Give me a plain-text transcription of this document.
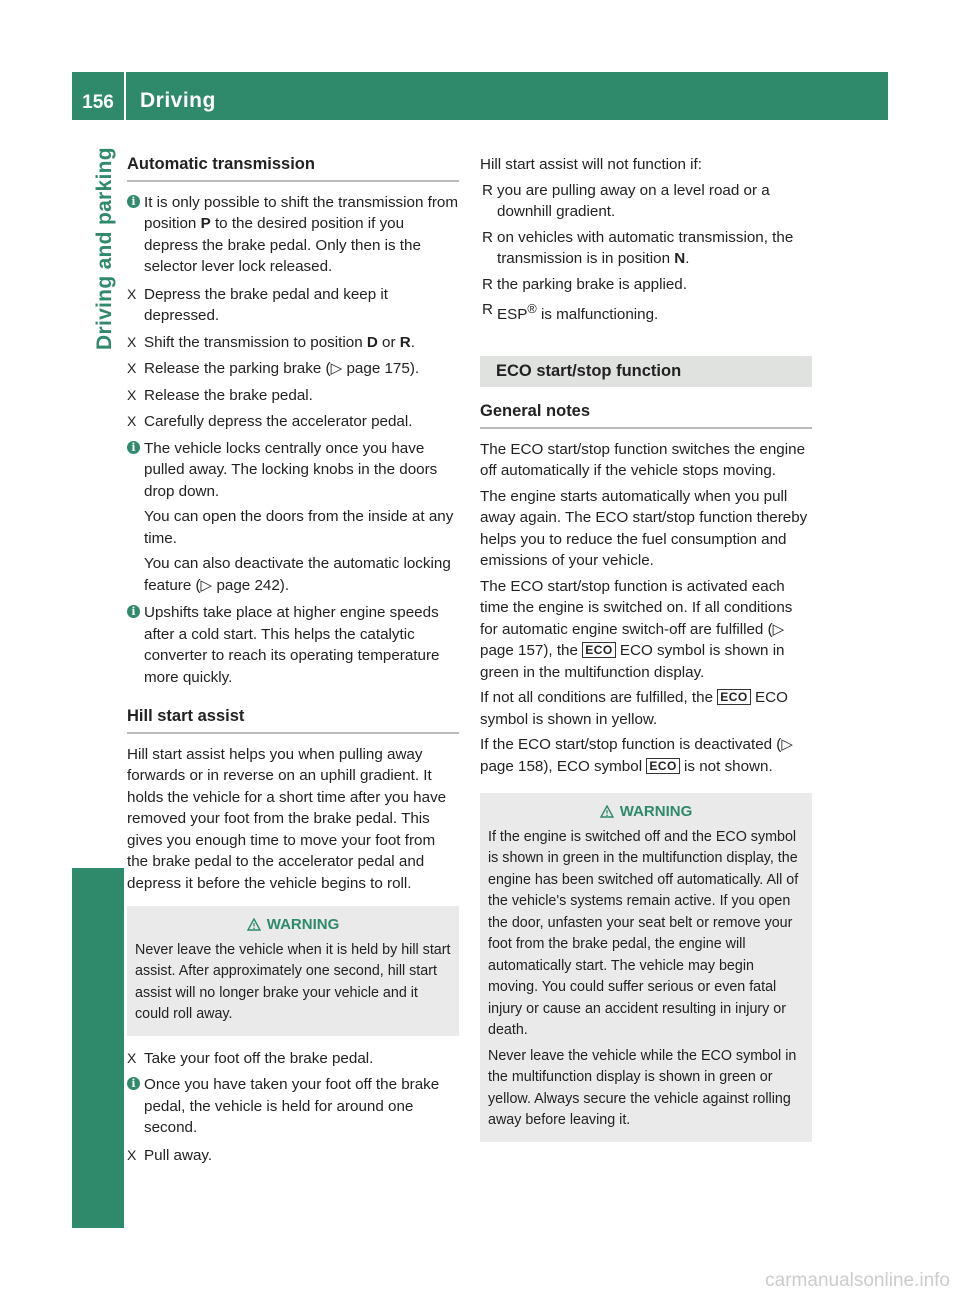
156	Driving
Driving and parking Automatic transmission
i It is only possible to shift the transmission from position P to the desired position if you depress the brake pedal. Only then is the selector lever lock released.
X Depress the brake pedal and keep it depressed.
X Shift the transmission to position D or R.
X Release the parking brake (▷ page 175).
X Release the brake pedal.
X Carefully depress the accelerator pedal.
i The vehicle locks centrally once you have pulled away. The locking knobs in the doors drop down.
You can open the doors from the inside at any time.
You can also deactivate the automatic locking feature (▷ page 242).
i Upshifts take place at higher engine speeds after a cold start. This helps the catalytic converter to reach its operating temperature more quickly.
Hill start assist
Hill start assist helps you when pulling away forwards or in reverse on an uphill gradient. It holds the vehicle for a short time after you have removed your foot from the brake pedal. This gives you enough time to move your foot from the brake pedal to the accelerator pedal and depress it before the vehicle begins to roll.
WARNING
Never leave the vehicle when it is held by hill start assist. After approximately one second, hill start assist will no longer brake your vehicle and it could roll away.
X Take your foot off the brake pedal.
i Once you have taken your foot off the brake pedal, the vehicle is held for around one second.
X Pull away.
Hill start assist will not function if:
R you are pulling away on a level road or a downhill gradient.
R on vehicles with automatic transmission, the transmission is in position N.
R the parking brake is applied.
R ESP® is malfunctioning.
ECO start/stop function
General notes
The ECO start/stop function switches the engine off automatically if the vehicle stops moving.
The engine starts automatically when you pull away again. The ECO start/stop function thereby helps you to reduce the fuel consumption and emissions of your vehicle.
The ECO start/stop function is activated each time the engine is switched on. If all conditions for automatic engine switch-off are fulfilled (▷ page 157), the ECO ECO symbol is shown in green in the multifunction display.
If not all conditions are fulfilled, the ECO ECO symbol is shown in yellow.
If the ECO start/stop function is deactivated (▷ page 158), ECO symbol ECO is not shown.
WARNING
If the engine is switched off and the ECO symbol is shown in green in the multifunction display, the engine has been switched off automatically. All of the vehicle's systems remain active. If you open the door, unfasten your seat belt or remove your foot from the brake pedal, the engine will automatically start. The vehicle may begin moving. You could suffer serious or even fatal injury or cause an accident resulting in injury or death.
Never leave the vehicle while the ECO symbol in the multifunction display is shown in green or yellow. Always secure the vehicle against rolling away before leaving it.
carmanualsonline.info
